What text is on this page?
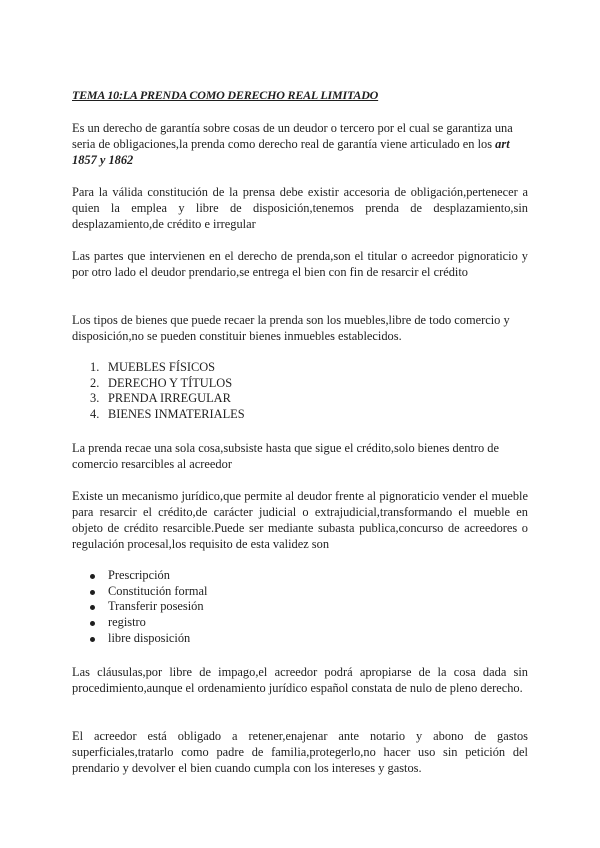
TEMA 10:LA PRENDA COMO DERECHO REAL LIMITADO

Es un derecho de garantía sobre cosas de un deudor o tercero por el cual se garantiza una seria de obligaciones,la prenda como derecho real de garantía viene articulado en los art 1857 y 1862

Para la válida constitución de la prensa debe existir accesoria de obligación,pertenecer a quien la emplea y libre de disposición,tenemos prenda de desplazamiento,sin desplazamiento,de crédito e irregular

Las partes que intervienen en el derecho de prenda,son el titular o acreedor pignoraticio y por otro lado el deudor prendario,se entrega el bien con fin de resarcir el crédito

Los tipos de bienes que puede recaer la prenda son los muebles,libre de todo comercio y disposición,no se pueden constituir bienes inmuebles establecidos.

1. MUEBLES FÍSICOS
2. DERECHO Y TÍTULOS
3. PRENDA IRREGULAR
4. BIENES INMATERIALES

La prenda recae una sola cosa,subsiste hasta que sigue el crédito,solo bienes dentro de comercio resarcibles al acreedor

Existe un mecanismo jurídico,que permite al deudor frente al pignoraticio vender el mueble para resarcir el crédito,de carácter judicial o extrajudicial,transformando el mueble en objeto de crédito resarcible.Puede ser mediante subasta publica,concurso de acreedores o regulación procesal,los requisito de esta validez son

Prescripción
Constitución formal
Transferir posesión
registro
libre disposición

Las cláusulas,por libre de impago,el acreedor podrá apropiarse de la cosa dada sin procedimiento,aunque el ordenamiento jurídico español constata de nulo de pleno derecho.

El acreedor está obligado a retener,enajenar ante notario y abono de gastos superficiales,tratarlo como padre de familia,protegerlo,no hacer uso sin petición del prendario y devolver el bien cuando cumpla con los intereses y gastos.
